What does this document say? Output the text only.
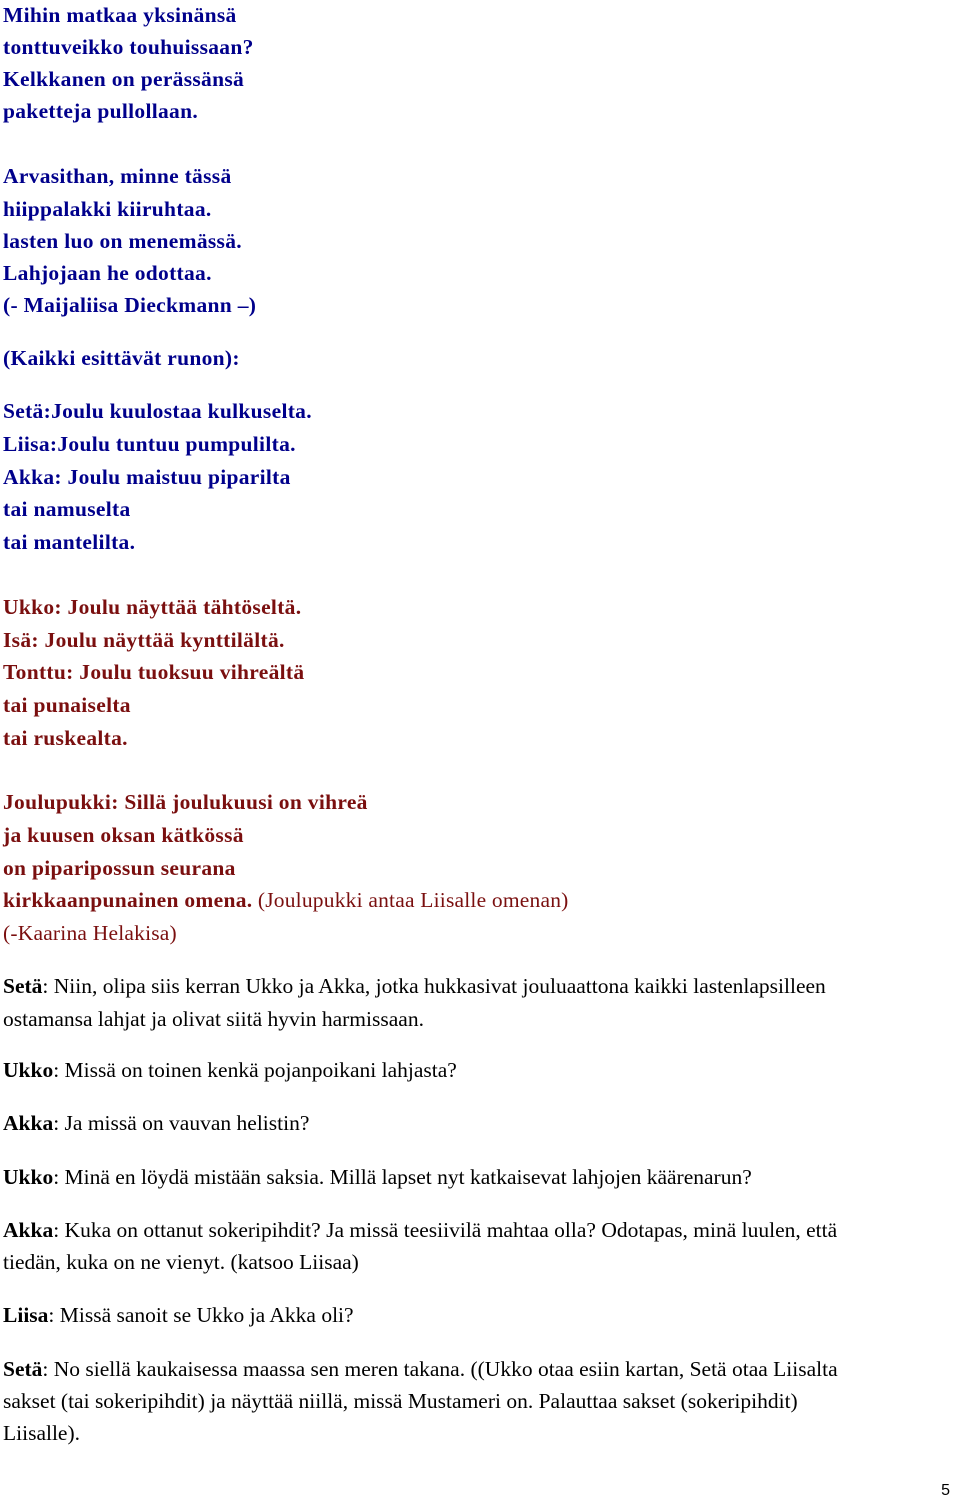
Mihin matkaa yksinänsä
tonttuveikko touhuissaan?
Kelkkanen on perässänsä
paketteja pullollaan.
Arvasithan, minne tässä
hiippalakki kiiruhtaa.
lasten luo on menemässä.
Lahjojaan he odottaa.
(- Maijaliisa Dieckmann –)
(Kaikki esittävät runon):
Setä:Joulu kuulostaa kulkuselta.
Liisa:Joulu tuntuu pumpulilta.
Akka: Joulu maistuu piparilta
tai namuselta
tai mantelilta.
Ukko: Joulu näyttää tähtöseltä.
Isä: Joulu näyttää kynttilältä.
Tonttu: Joulu tuoksuu vihreältä
tai punaiselta
tai ruskealta.
Joulupukki: Sillä joulukuusi on vihreä
ja kuusen oksan kätkössä
on piparipossun seurana
kirkkaanpunainen omena. (Joulupukki antaa Liisalle omenan)
(-Kaarina Helakisa)
Setä: Niin, olipa siis kerran Ukko ja Akka, jotka hukkasivat jouluaattona kaikki lastenlapsilleen
ostamansa lahjat ja olivat siitä hyvin harmissaan.
Ukko: Missä on toinen kenkä pojanpoikani lahjasta?
Akka: Ja missä on vauvan helistin?
Ukko: Minä en löydä mistään saksia. Millä lapset nyt katkaisevat lahjojen käärenarun?
Akka: Kuka on ottanut sokeripihdit? Ja missä teesiivilä mahtaa olla? Odotapas, minä luulen, että
tiedän, kuka on ne vienyt. (katsoo Liisaa)
Liisa: Missä sanoit se Ukko ja Akka oli?
Setä: No siellä kaukaisessa maassa sen meren takana. ((Ukko otaa esiin kartan, Setä otaa Liisalta
sakset (tai sokeripihdit) ja näyttää niillä, missä Mustameri on. Palauttaa sakset (sokeripihdit)
Liisalle).
5
